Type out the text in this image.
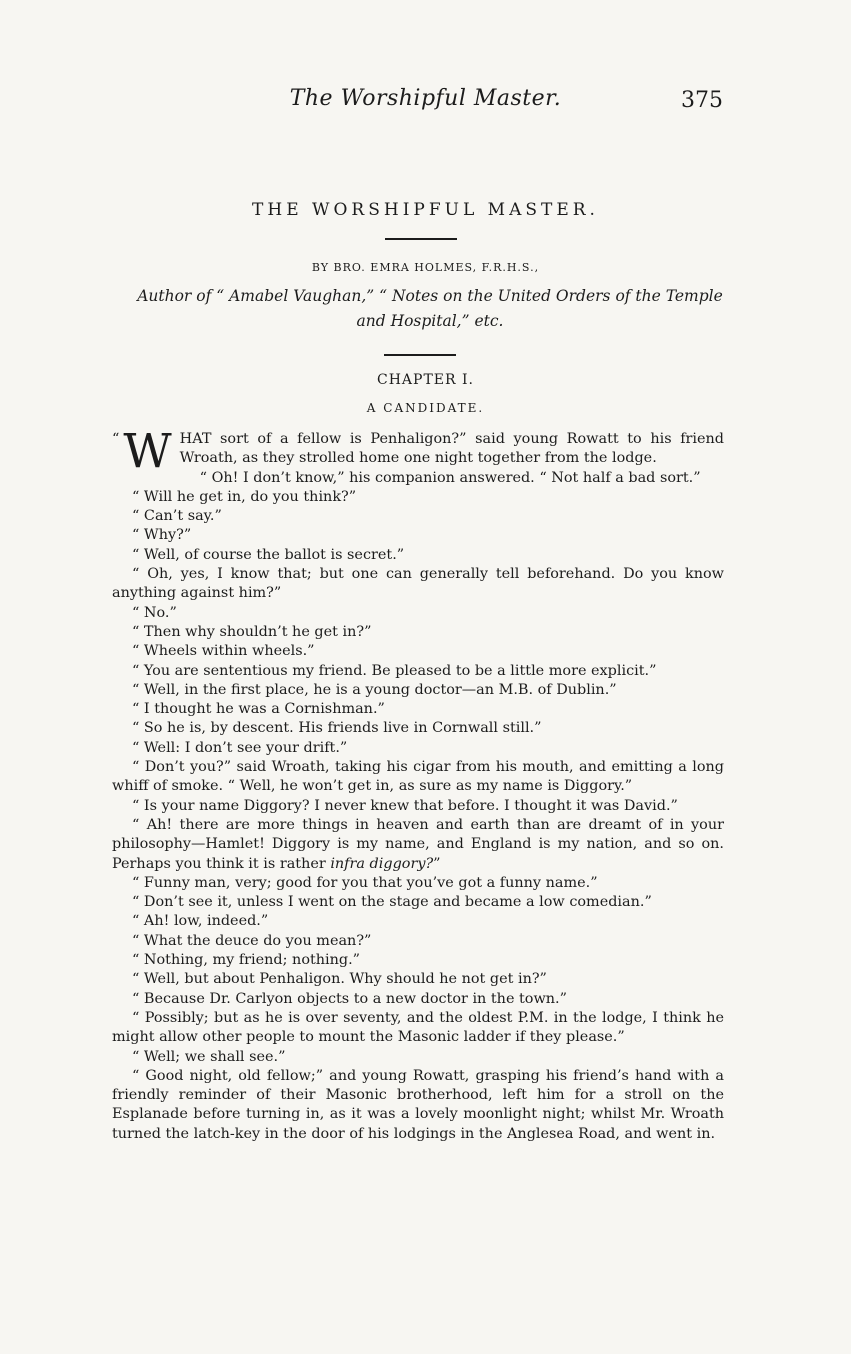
The Worshipful Master.	375
THE WORSHIPFUL MASTER.
BY BRO. EMRA HOLMES, F.R.H.S.,
Author of “ Amabel Vaughan,” “ Notes on the United Orders of the Temple
and Hospital,” etc.
CHAPTER I.
A CANDIDATE.

“ W HAT sort of a fellow is Penhaligon?” said young Rowatt to his friend Wroath, as they strolled home one night together from the lodge.

“ Oh! I don’t know,” his companion answered. “ Not half a bad sort.”

“ Will he get in, do you think?”

“ Can’t say.”

“ Why?”

“ Well, of course the ballot is secret.”

“ Oh, yes, I know that; but one can generally tell beforehand. Do you know anything against him?”

“ No.”

“ Then why shouldn’t he get in?”

“ Wheels within wheels.”

“ You are sententious my friend. Be pleased to be a little more explicit.”

“ Well, in the first place, he is a young doctor—an M.B. of Dublin.”

“ I thought he was a Cornishman.”

“ So he is, by descent. His friends live in Cornwall still.”

“ Well: I don’t see your drift.”

“ Don’t you?” said Wroath, taking his cigar from his mouth, and emitting a long whiff of smoke. “ Well, he won’t get in, as sure as my name is Diggory.”

“ Is your name Diggory? I never knew that before. I thought it was David.”

“ Ah! there are more things in heaven and earth than are dreamt of in your philosophy—Hamlet! Diggory is my name, and England is my nation, and so on. Perhaps you think it is rather infra diggory?”

“ Funny man, very; good for you that you’ve got a funny name.”

“ Don’t see it, unless I went on the stage and became a low comedian.”

“ Ah! low, indeed.”

“ What the deuce do you mean?”

“ Nothing, my friend; nothing.”

“ Well, but about Penhaligon. Why should he not get in?”

“ Because Dr. Carlyon objects to a new doctor in the town.”

“ Possibly; but as he is over seventy, and the oldest P.M. in the lodge, I think he might allow other people to mount the Masonic ladder if they please.”

“ Well; we shall see.”

“ Good night, old fellow;” and young Rowatt, grasping his friend’s hand with a friendly reminder of their Masonic brotherhood, left him for a stroll on the Esplanade before turning in, as it was a lovely moonlight night; whilst Mr. Wroath turned the latch-key in the door of his lodgings in the Anglesea Road, and went in.
